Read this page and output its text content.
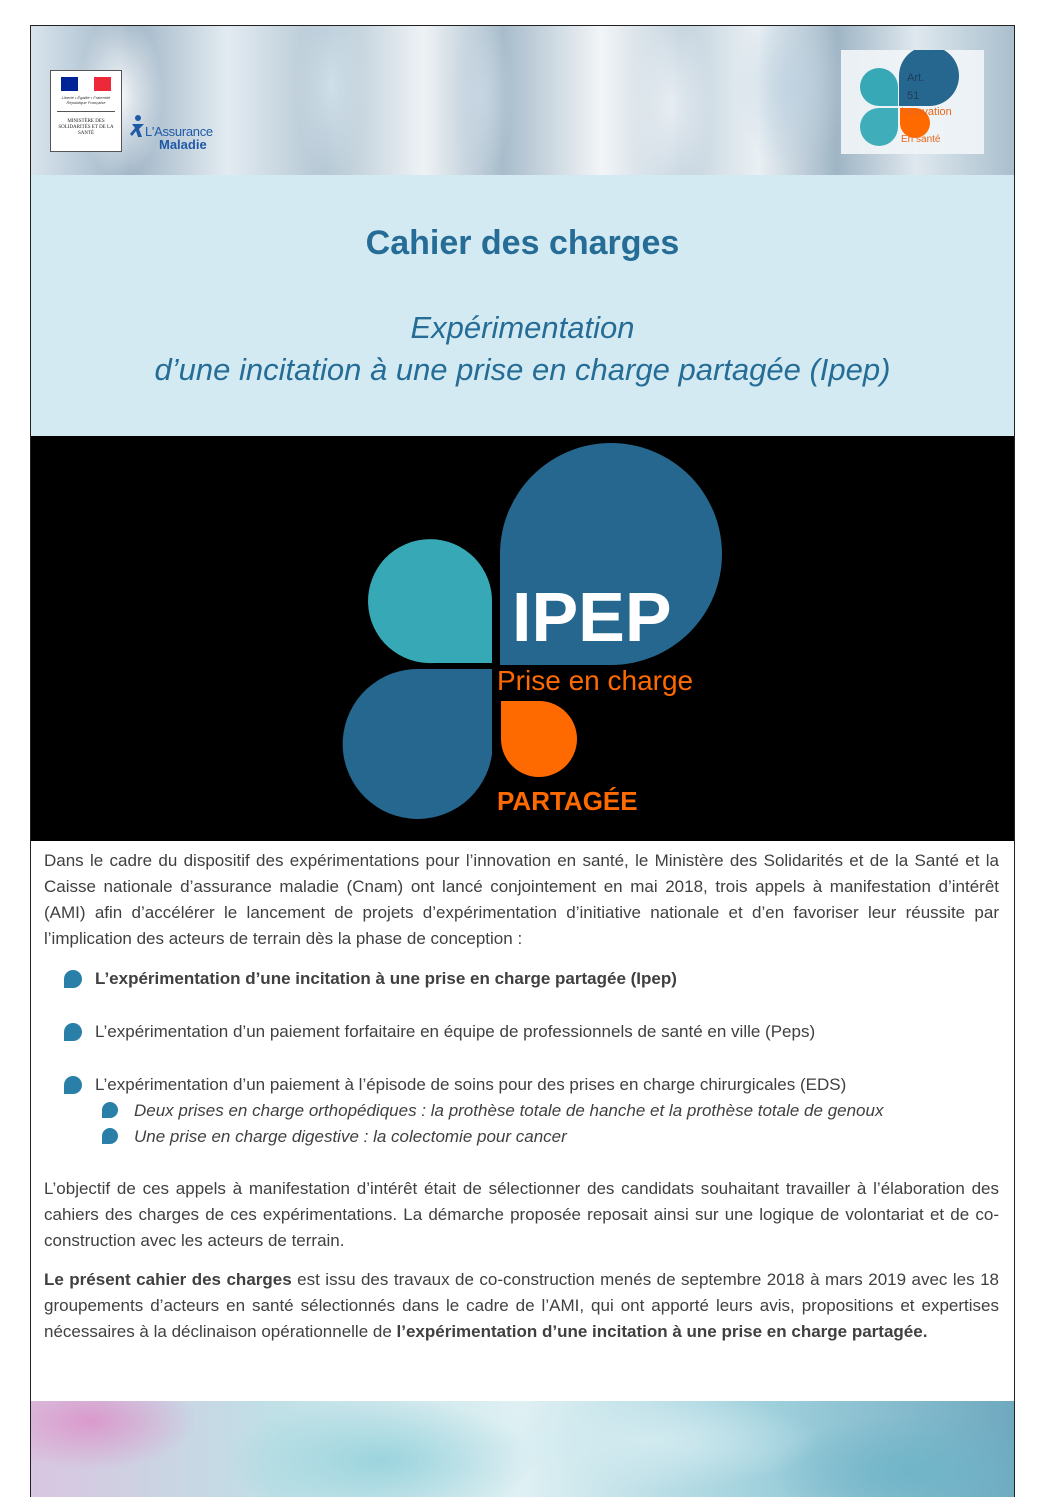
Liberté • Égalité • Fraternité République Française
MINISTÈRE DES SOLIDARITÉS ET DE LA SANTÉ	L'Assurance
Maladie
Art.
51
Innovation
En santé
Cahier des charges
Expérimentation
d’une incitation à une prise en charge partagée (Ipep)
IPEP
Prise en charge
PARTAGÉE

Dans le cadre du dispositif des expérimentations pour l’innovation en santé, le Ministère des Solidarités et de la Santé et la Caisse nationale d’assurance maladie (Cnam) ont lancé conjointement en mai 2018, trois appels à manifestation d’intérêt (AMI) afin d’accélérer le lancement de projets d’expérimentation d’initiative nationale et d’en favoriser leur réussite par l’implication des acteurs de terrain dès la phase de conception :

L’expérimentation d’une incitation à une prise en charge partagée (Ipep)

L’expérimentation d’un paiement forfaitaire en équipe de professionnels de santé en ville (Peps)

L’expérimentation d’un paiement à l’épisode de soins pour des prises en charge chirurgicales (EDS)

Deux prises en charge orthopédiques : la prothèse totale de hanche et la prothèse totale de genoux

Une prise en charge digestive : la colectomie pour cancer

L’objectif de ces appels à manifestation d’intérêt était de sélectionner des candidats souhaitant travailler à l’élaboration des cahiers des charges de ces expérimentations. La démarche proposée reposait ainsi sur une logique de volontariat et de co-construction avec les acteurs de terrain.

Le présent cahier des charges est issu des travaux de co-construction menés de septembre 2018 à mars 2019 avec les 18 groupements d’acteurs en santé sélectionnés dans le cadre de l’AMI, qui ont apporté leurs avis, propositions et expertises nécessaires à la déclinaison opérationnelle de l’expérimentation d’une incitation à une prise en charge partagée.
